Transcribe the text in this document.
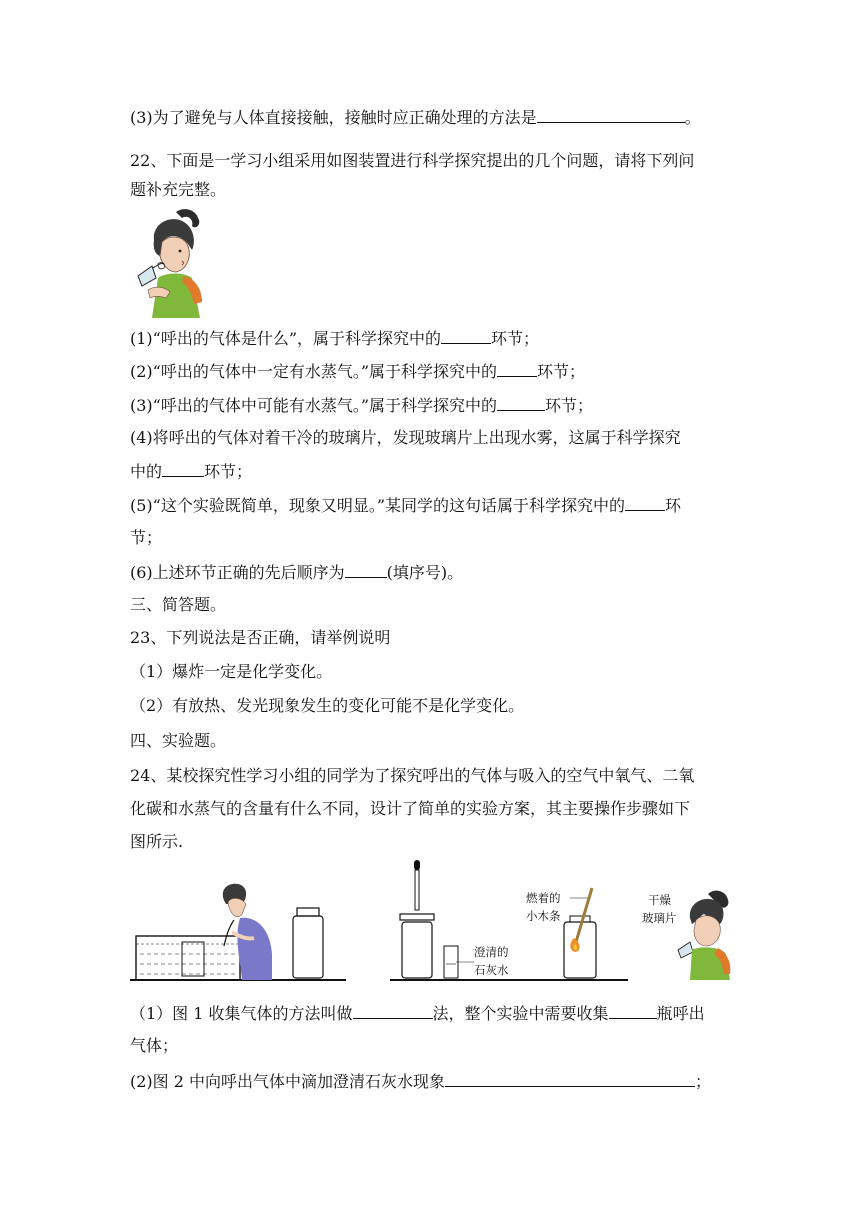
(3)为了避免与人体直接接触，接触时应正确处理的方法是	。
22、下面是一学习小组采用如图装置进行科学探究提出的几个问题，请将下列问
题补充完整。
(1)“呼出的气体是什么”，属于科学探究中的	环节；
(2)“呼出的气体中一定有水蒸气。”属于科学探究中的	环节；
(3)“呼出的气体中可能有水蒸气。”属于科学探究中的	环节；
(4)将呼出的气体对着干冷的玻璃片，发现玻璃片上出现水雾，这属于科学探究
中的	环节；
(5)“这个实验既简单，现象又明显。”某同学的这句话属于科学探究中的	环
节；
(6)上述环节正确的先后顺序为	(填序号)。
三、简答题。
23、下列说法是否正确，请举例说明
（1）爆炸一定是化学变化。
（2）有放热、发光现象发生的变化可能不是化学变化。
四、实验题。
24、某校探究性学习小组的同学为了探究呼出的气体与吸入的空气中氧气、二氧
化碳和水蒸气的含量有什么不同，设计了简单的实验方案，其主要操作步骤如下
图所示.
澄清的
石灰水
燃着的
小木条
干燥
玻璃片
（1）图 1 收集气体的方法叫做	法，整个实验中需要收集	瓶呼出
气体；
(2)图 2 中向呼出气体中滴加澄清石灰水现象	；
